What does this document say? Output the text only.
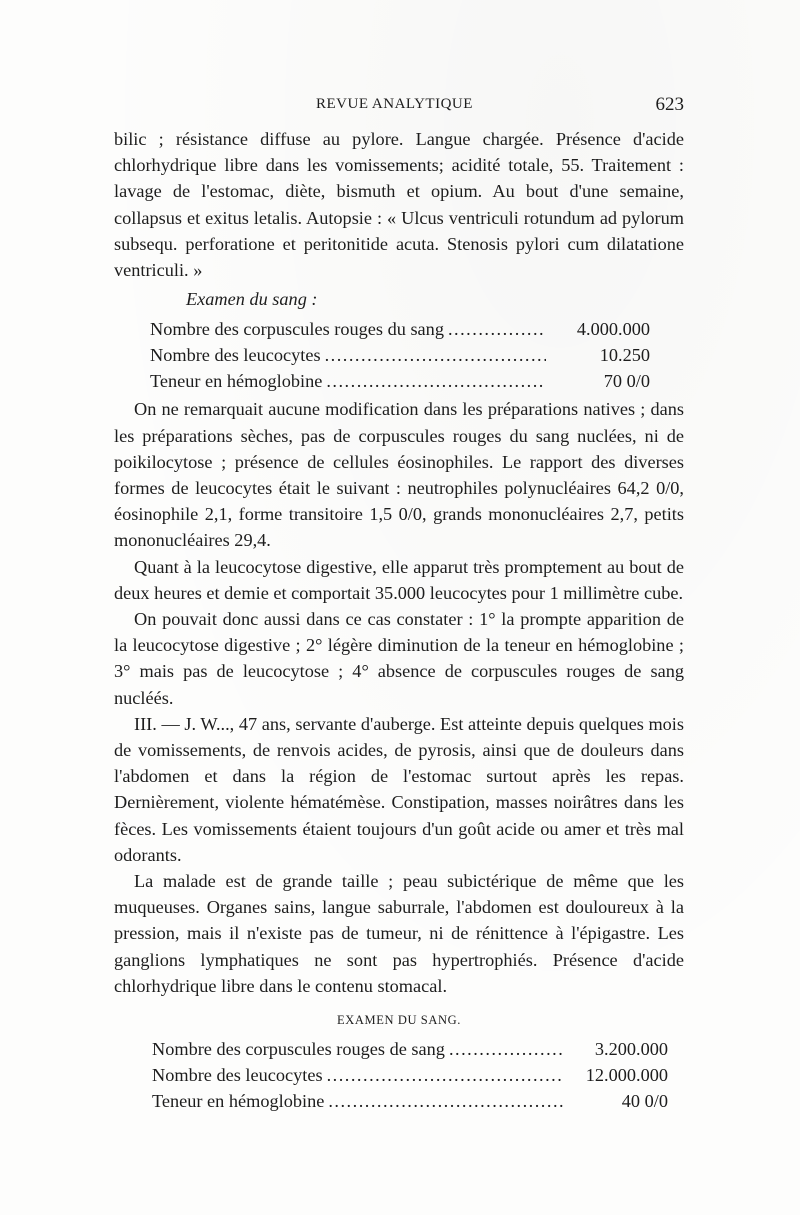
REVUE ANALYTIQUE	623

bilic ; résistance diffuse au pylore. Langue chargée. Présence d'acide chlorhydrique libre dans les vomissements; acidité totale, 55. Traitement : lavage de l'estomac, diète, bismuth et opium. Au bout d'une semaine, collapsus et exitus letalis. Autopsie : « Ulcus ventriculi rotundum ad pylorum subsequ. perforatione et peritonitide acuta. Stenosis pylori cum dilatatione ventriculi. »

Examen du sang :

Nombre des corpuscules rouges du sang .....	4.000.000
Nombre des leucocytes .....	10.250
Teneur en hémoglobine .....	70 0/0

On ne remarquait aucune modification dans les préparations natives ; dans les préparations sèches, pas de corpuscules rouges du sang nuclées, ni de poikilocytose ; présence de cellules éosinophiles. Le rapport des diverses formes de leucocytes était le suivant : neutrophiles polynucléaires 64,2 0/0, éosinophile 2,1, forme transitoire 1,5 0/0, grands mononucléaires 2,7, petits mononucléaires 29,4.

Quant à la leucocytose digestive, elle apparut très promptement au bout de deux heures et demie et comportait 35.000 leucocytes pour 1 millimètre cube.

On pouvait donc aussi dans ce cas constater : 1° la prompte apparition de la leucocytose digestive ; 2° légère diminution de la teneur en hémoglobine ; 3° mais pas de leucocytose ; 4° absence de corpuscules rouges de sang nucléés.

III. — J. W..., 47 ans, servante d'auberge. Est atteinte depuis quelques mois de vomissements, de renvois acides, de pyrosis, ainsi que de douleurs dans l'abdomen et dans la région de l'estomac surtout après les repas. Dernièrement, violente hématémèse. Constipation, masses noirâtres dans les fèces. Les vomissements étaient toujours d'un goût acide ou amer et très mal odorants.

La malade est de grande taille ; peau subictérique de même que les muqueuses. Organes sains, langue saburrale, l'abdomen est douloureux à la pression, mais il n'existe pas de tumeur, ni de rénittence à l'épigastre. Les ganglions lymphatiques ne sont pas hypertrophiés. Présence d'acide chlorhydrique libre dans le contenu stomacal.

EXAMEN DU SANG.
Nombre des corpuscules rouges de sang .....	3.200.000
Nombre des leucocytes .....	12.000.000
Teneur en hémoglobine .....	40 0/0
